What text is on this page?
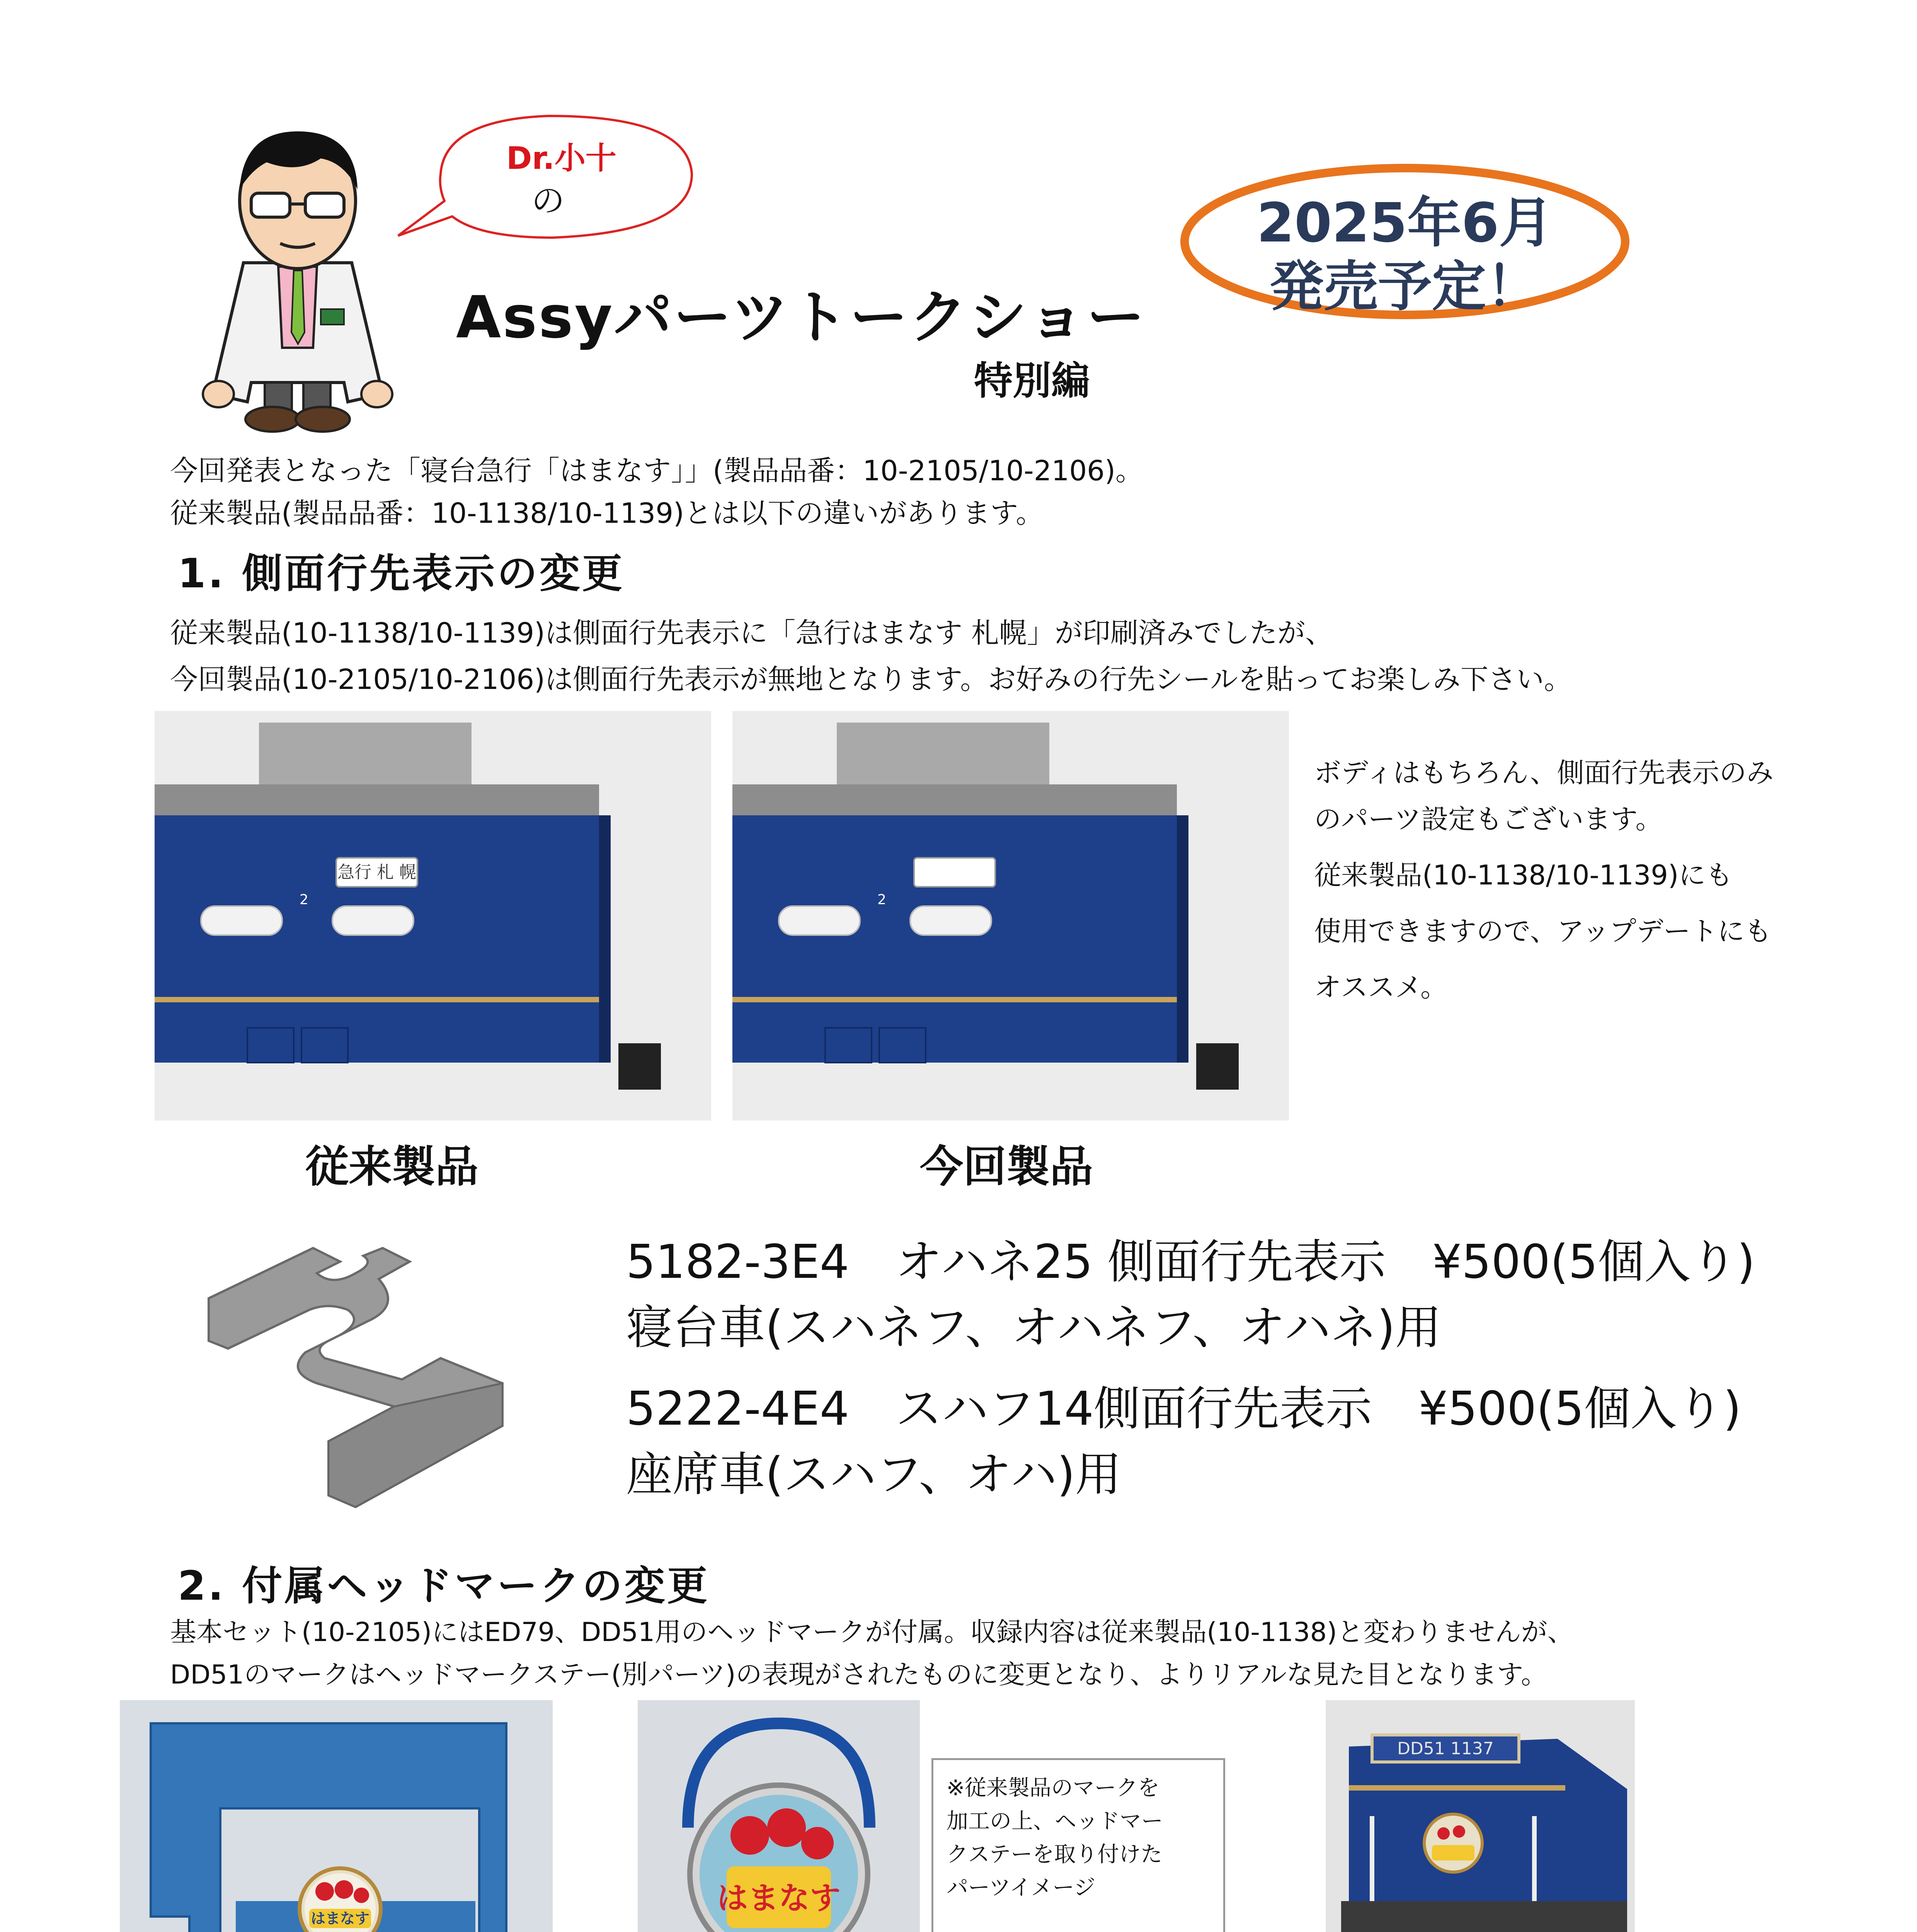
Dr.小十
の
Assyパーツトークショー
特別編
2025年6月
発売予定！
今回発表となった「寝台急行「はまなす」」(製品品番：10-2105/10-2106)。
従来製品(製品品番：10-1138/10-1139)とは以下の違いがあります。
1. 側面行先表示の変更
従来製品(10-1138/10-1139)は側面行先表示に「急行はまなす 札幌」が印刷済みでしたが、
今回製品(10-2105/10-2106)は側面行先表示が無地となります。お好みの行先シールを貼ってお楽しみ下さい。
急行 札 幌
2	2
ボディはもちろん、側面行先表示のみ
のパーツ設定もございます。
従来製品(10-1138/10-1139)にも
使用できますので、アップデートにも
オススメ。
従来製品	今回製品
5182-3E4　オハネ25 側面行先表示　¥500(5個入り)
寝台車(スハネフ、オハネフ、オハネ)用
5222-4E4　スハフ14側面行先表示　¥500(5個入り)
座席車(スハフ、オハ)用
2. 付属ヘッドマークの変更
基本セット(10-2105)にはED79、DD51用のヘッドマークが付属。収録内容は従来製品(10-1138)と変わりませんが、
DD51のマークはヘッドマークステー(別パーツ)の表現がされたものに変更となり、よりリアルな見た目となります。
はまなす
はまなす
※従来製品のマークを
加工の上、ヘッドマー
クステーを取り付けた
パーツイメージ
DD51 1137
